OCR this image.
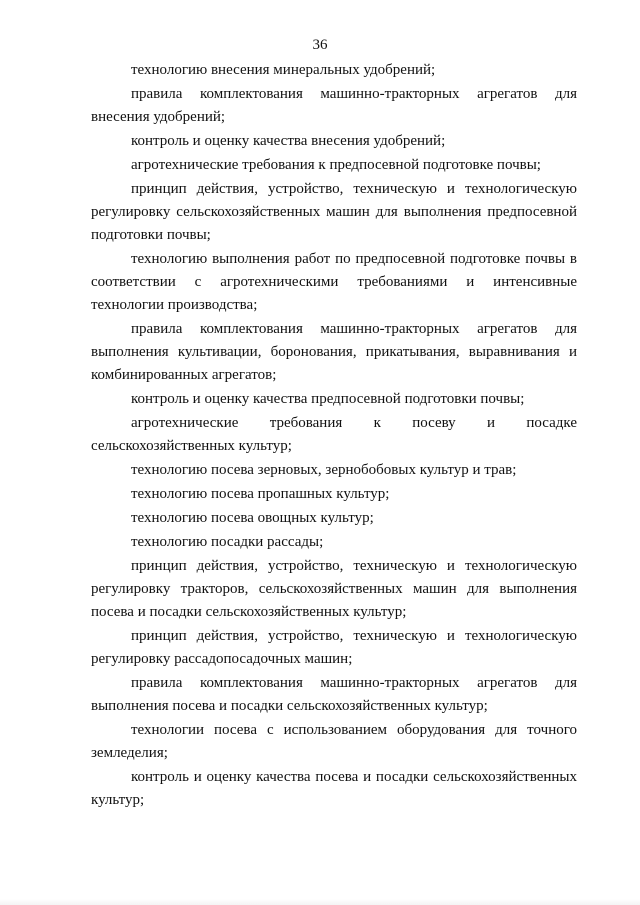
36

технологию внесения минеральных удобрений;

правила комплектования машинно-тракторных агрегатов для внесения удобрений;

контроль и оценку качества внесения удобрений;

агротехнические требования к предпосевной подготовке почвы;

принцип действия, устройство, техническую и технологическую регулировку сельскохозяйственных машин для выполнения предпосевной подготовки почвы;

технологию выполнения работ по предпосевной подготовке почвы в соответствии с агротехническими требованиями и интенсивные технологии производства;

правила комплектования машинно-тракторных агрегатов для выполнения культивации, боронования, прикатывания, выравнивания и комбинированных агрегатов;

контроль и оценку качества предпосевной подготовки почвы;

агротехнические требования к посеву и посадке сельскохозяйственных культур;

технологию посева зерновых, зернобобовых культур и трав;

технологию посева пропашных культур;

технологию посева овощных культур;

технологию посадки рассады;

принцип действия, устройство, техническую и технологическую регулировку тракторов, сельскохозяйственных машин для выполнения посева и посадки сельскохозяйственных культур;

принцип действия, устройство, техническую и технологическую регулировку рассадопосадочных машин;

правила комплектования машинно-тракторных агрегатов для выполнения посева и посадки сельскохозяйственных культур;

технологии посева с использованием оборудования для точного земледелия;

контроль и оценку качества посева и посадки сельскохозяйственных культур;
